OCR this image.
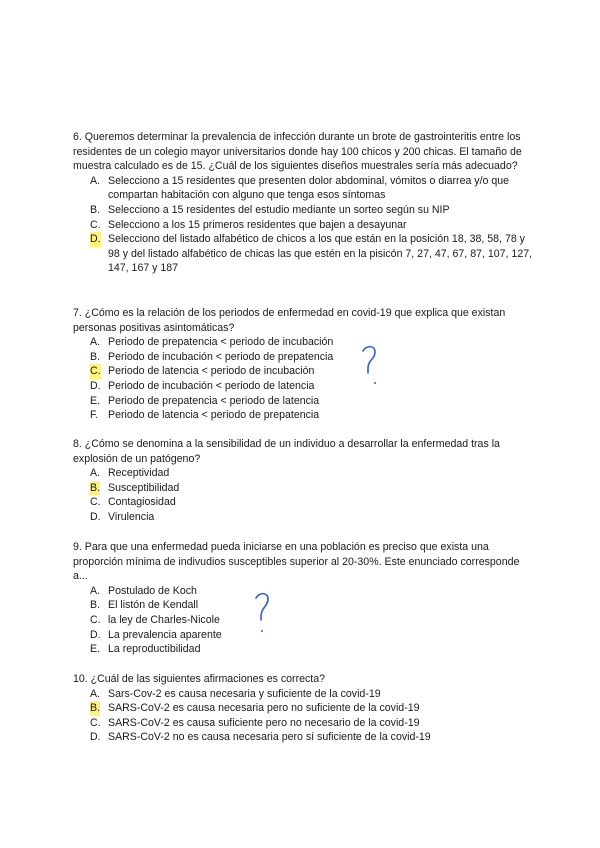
6. Queremos determinar la prevalencia de infección durante un brote de gastrointeritis entre los residentes de un colegio mayor universitarios donde hay 100 chicos y 200 chicas. El tamaño de muestra calculado es de 15. ¿Cuál de los siguientes diseños muestrales sería más adecuado?

A. Selecciono a 15 residentes que presenten dolor abdominal, vómitos o diarrea y/o que compartan habitación con alguno que tenga esos síntomas
B. Selecciono a 15 residentes del estudio mediante un sorteo según su NIP
C. Selecciono a los 15 primeros residentes que bajen a desayunar
D. Selecciono del listado alfabético de chicos a los que están en la posición 18, 38, 58, 78 y 98 y del listado alfabético de chicas las que estén en la pisicón 7, 27, 47, 67, 87, 107, 127, 147, 167 y 187

7. ¿Cómo es la relación de los periodos de enfermedad en covid-19 que explica que existan personas positivas asintomáticas?

A. Periodo de prepatencia < periodo de incubación
B. Periodo de incubación < periodo de prepatencia
C. Periodo de latencia < periodo de incubación
D. Periodo de incubación < periodo de latencia
E. Periodo de prepatencia < periodo de latencia
F. Periodo de latencia < periodo de prepatencia

8. ¿Cómo se denomina a la sensibilidad de un individuo a desarrollar la enfermedad tras la explosión de un patógeno?

A. Receptividad
B. Susceptibilidad
C. Contagiosidad
D. Virulencia

9. Para que una enfermedad pueda iniciarse en una población es preciso que exista una proporción mínima de indivudios susceptibles superior al 20-30%. Este enunciado corresponde a...

A. Postulado de Koch
B. El listón de Kendall
C. la ley de Charles-Nicole
D. La prevalencia aparente
E. La reproductibilidad

10. ¿Cuál de las siguientes afirmaciones es correcta?

A. Sars-Cov-2 es causa necesaria y suficiente de la covid-19
B. SARS-CoV-2 es causa necesaria pero no suficiente de la covid-19
C. SARS-CoV-2 es causa suficiente pero no necesario de la covid-19
D. SARS-CoV-2 no es causa necesaria pero sí suficiente de la covid-19
